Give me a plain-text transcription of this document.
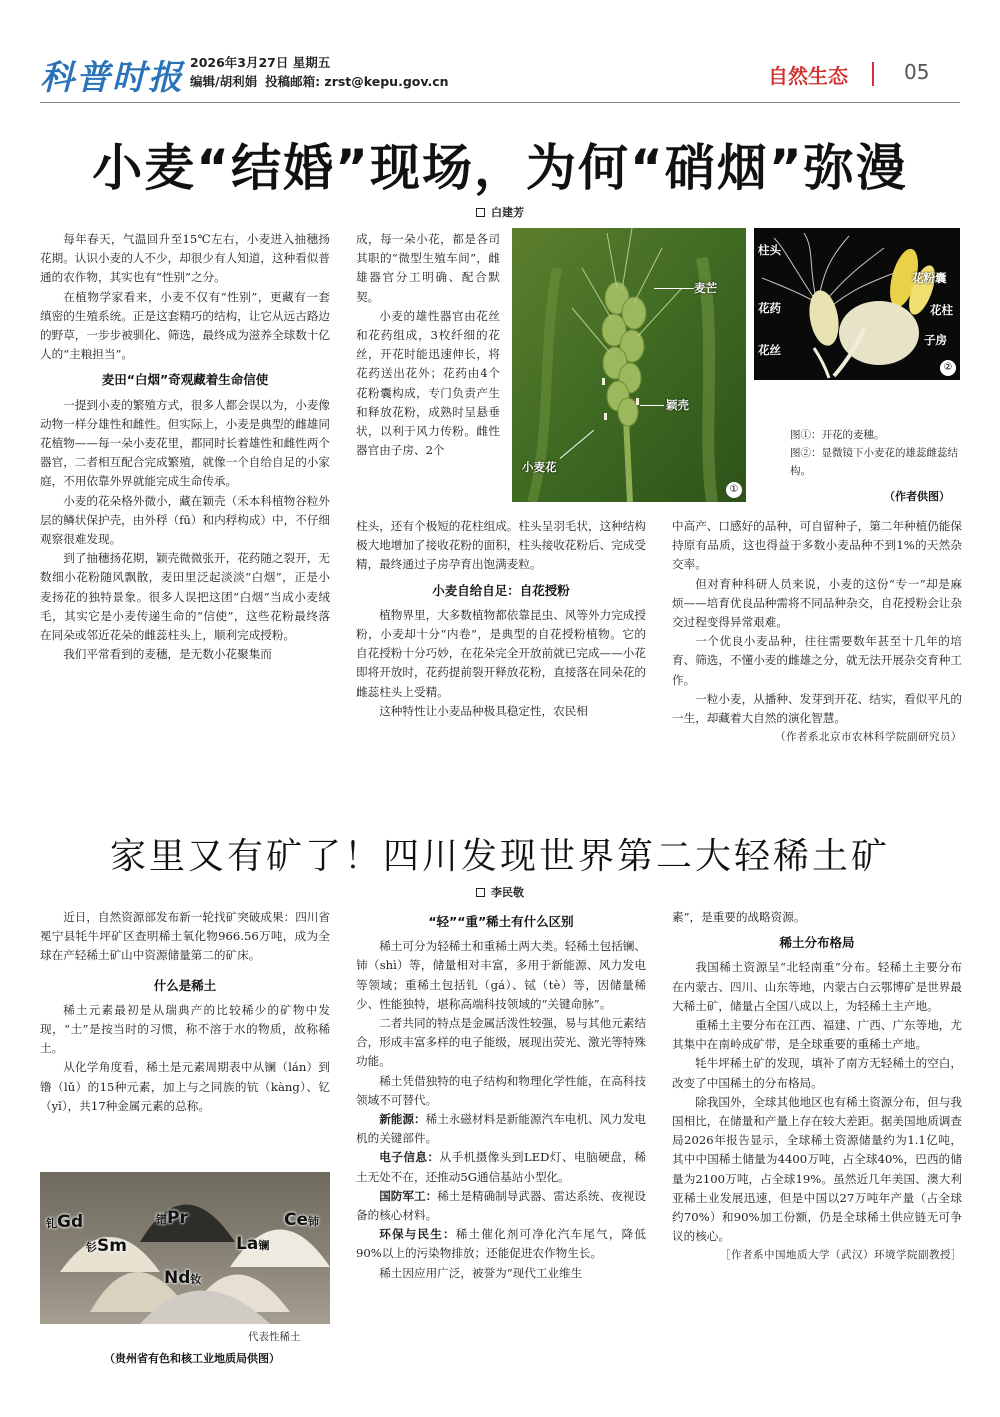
科普时报 2026年3月27日 星期五
编辑/胡利娟 投稿邮箱: zrst@kepu.gov.cn	自然生态	05
小麦“结婚”现场，为何“硝烟”弥漫
白建芳

每年春天，气温回升至15℃左右，小麦进入抽穗扬花期。认识小麦的人不少，却很少有人知道，这种看似普通的农作物，其实也有“性别”之分。

在植物学家看来，小麦不仅有“性别”，更藏有一套缜密的生殖系统。正是这套精巧的结构，让它从远古路边的野草，一步步被驯化、筛选，最终成为滋养全球数十亿人的“主粮担当”。

麦田“白烟”奇观藏着生命信使

一提到小麦的繁殖方式，很多人都会误以为，小麦像动物一样分雄性和雌性。但实际上，小麦是典型的雌雄同花植物——每一朵小麦花里，都同时长着雄性和雌性两个器官，二者相互配合完成繁殖，就像一个自给自足的小家庭，不用依靠外界就能完成生命传承。

小麦的花朵格外微小，藏在颖壳（禾本科植物谷粒外层的鳞状保护壳，由外稃（fū）和内稃构成）中，不仔细观察很难发现。

到了抽穗扬花期，颖壳微微张开，花药随之裂开，无数细小花粉随风飘散，麦田里泛起淡淡“白烟”，正是小麦扬花的独特景象。很多人误把这团“白烟”当成小麦绒毛，其实它是小麦传递生命的“信使”，这些花粉最终落在同朵或邻近花朵的雌蕊柱头上，顺利完成授粉。

我们平常看到的麦穗，是无数小花聚集而

成，每一朵小花，都是各司其职的“微型生殖车间”，雌雄器官分工明确、配合默契。

小麦的雄性器官由花丝和花药组成，3枚纤细的花丝，开花时能迅速伸长，将花药送出花外；花药由4个花粉囊构成，专门负责产生和释放花粉，成熟时呈悬垂状，以利于风力传粉。雌性器官由子房、2个

柱头，还有个极短的花柱组成。柱头呈羽毛状，这种结构极大地增加了接收花粉的面积，柱头接收花粉后、完成受精，最终通过子房孕育出饱满麦粒。

小麦自给自足：自花授粉

植物界里，大多数植物都依靠昆虫、风等外力完成授粉，小麦却十分“内卷”，是典型的自花授粉植物。它的自花授粉十分巧妙，在花朵完全开放前就已完成——小花即将开放时，花药提前裂开释放花粉，直接落在同朵花的雌蕊柱头上受精。

这种特性让小麦品种极具稳定性，农民相

中高产、口感好的品种，可自留种子，第二年种植仍能保持原有品质，这也得益于多数小麦品种不到1%的天然杂交率。

但对育种科研人员来说，小麦的这份“专一”却是麻烦——培育优良品种需将不同品种杂交，自花授粉会让杂交过程变得异常艰难。

一个优良小麦品种，往往需要数年甚至十几年的培育、筛选，不懂小麦的雌雄之分，就无法开展杂交育种工作。

一粒小麦，从播种、发芽到开花、结实，看似平凡的一生，却藏着大自然的演化智慧。

（作者系北京市农林科学院副研究员）
麦芒
颖壳
小麦花
①
柱头
花粉囊
花药	花柱
花丝
子房
②
图①：开花的麦穗。
图②：显微镜下小麦花的雄蕊雌蕊结构。
（作者供图）
家里又有矿了！四川发现世界第二大轻稀土矿
李民敬

近日，自然资源部发布新一轮找矿突破成果：四川省冕宁县牦牛坪矿区查明稀土氧化物966.56万吨，成为全球在产轻稀土矿山中资源储量第二的矿床。

什么是稀土

稀土元素最初是从瑞典产的比较稀少的矿物中发现，“土”是按当时的习惯，称不溶于水的物质，故称稀土。

从化学角度看，稀土是元素周期表中从镧（lán）到镥（lǔ）的15种元素，加上与之同族的钪（kàng）、钇（yǐ），共17种金属元素的总称。

钆Gd	镨Pr	Ce铈
钐Sm	La镧
Nd钕
代表性稀土
（贵州省有色和核工业地质局供图）
“轻”“重”稀土有什么区别

稀土可分为轻稀土和重稀土两大类。轻稀土包括镧、铈（shì）等，储量相对丰富，多用于新能源、风力发电等领域；重稀土包括钆（gá）、铽（tè）等，因储量稀少、性能独特，堪称高端科技领域的“关键命脉”。

二者共同的特点是金属活泼性较强，易与其他元素结合，形成丰富多样的电子能级，展现出荧光、激光等特殊功能。

稀土凭借独特的电子结构和物理化学性能，在高科技领域不可替代。

新能源：稀土永磁材料是新能源汽车电机、风力发电机的关键部件。

电子信息：从手机摄像头到LED灯、电脑硬盘，稀土无处不在，还推动5G通信基站小型化。

国防军工：稀土是精确制导武器、雷达系统、夜视设备的核心材料。

环保与民生：稀土催化剂可净化汽车尾气，降低90%以上的污染物排放；还能促进农作物生长。

稀土因应用广泛，被誉为“现代工业维生

素”，是重要的战略资源。

稀土分布格局

我国稀土资源呈“北轻南重”分布。轻稀土主要分布在内蒙古、四川、山东等地，内蒙古白云鄂博矿是世界最大稀土矿，储量占全国八成以上，为轻稀土主产地。

重稀土主要分布在江西、福建、广西、广东等地，尤其集中在南岭成矿带，是全球重要的重稀土产地。

牦牛坪稀土矿的发现，填补了南方无轻稀土的空白，改变了中国稀土的分布格局。

除我国外，全球其他地区也有稀土资源分布，但与我国相比，在储量和产量上存在较大差距。据美国地质调查局2026年报告显示，全球稀土资源储量约为1.1亿吨，其中中国稀土储量为4400万吨，占全球40%，巴西的储量为2100万吨，占全球19%。虽然近几年美国、澳大利亚稀土业发展迅速，但是中国以27万吨年产量（占全球约70%）和90%加工份额，仍是全球稀土供应链无可争议的核心。

［作者系中国地质大学（武汉）环境学院副教授］
